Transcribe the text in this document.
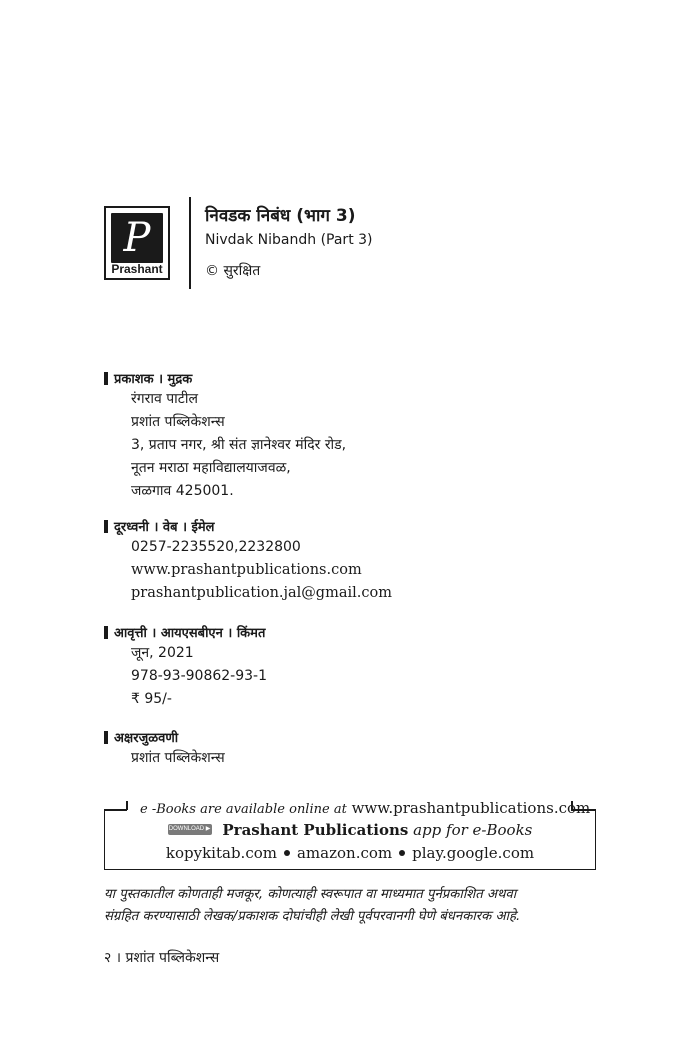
P
Prashant
निवडक निबंध (भाग 3)
Nivdak Nibandh (Part 3)
© सुरक्षित
प्रकाशक । मुद्रक
रंगराव पाटील
प्रशांत पब्लिकेशन्स
3, प्रताप नगर, श्री संत ज्ञानेश्वर मंदिर रोड,
नूतन मराठा महाविद्यालयाजवळ,
जळगाव 425001.
दूरध्वनी । वेब । ईमेल
0257-2235520,2232800
www.prashantpublications.com
prashantpublication.jal@gmail.com
आवृत्ती । आयएसबीएन । किंमत
जून, 2021
978-93-90862-93-1
₹ 95/-
अक्षरजुळवणी
प्रशांत पब्लिकेशन्स
e -Books are available online at www.prashantpublications.com
DOWNLOAD ▶ Prashant Publications app for e-Books
kopykitab.com amazon.com play.google.com
या पुस्तकातील कोणताही मजकूर, कोणत्याही स्वरूपात वा माध्यमात पुर्नप्रकाशित अथवा
संग्रहित करण्यासाठी लेखक/प्रकाशक दोघांचीही लेखी पूर्वपरवानगी घेणे बंधनकारक आहे.
२ । प्रशांत पब्लिकेशन्स
